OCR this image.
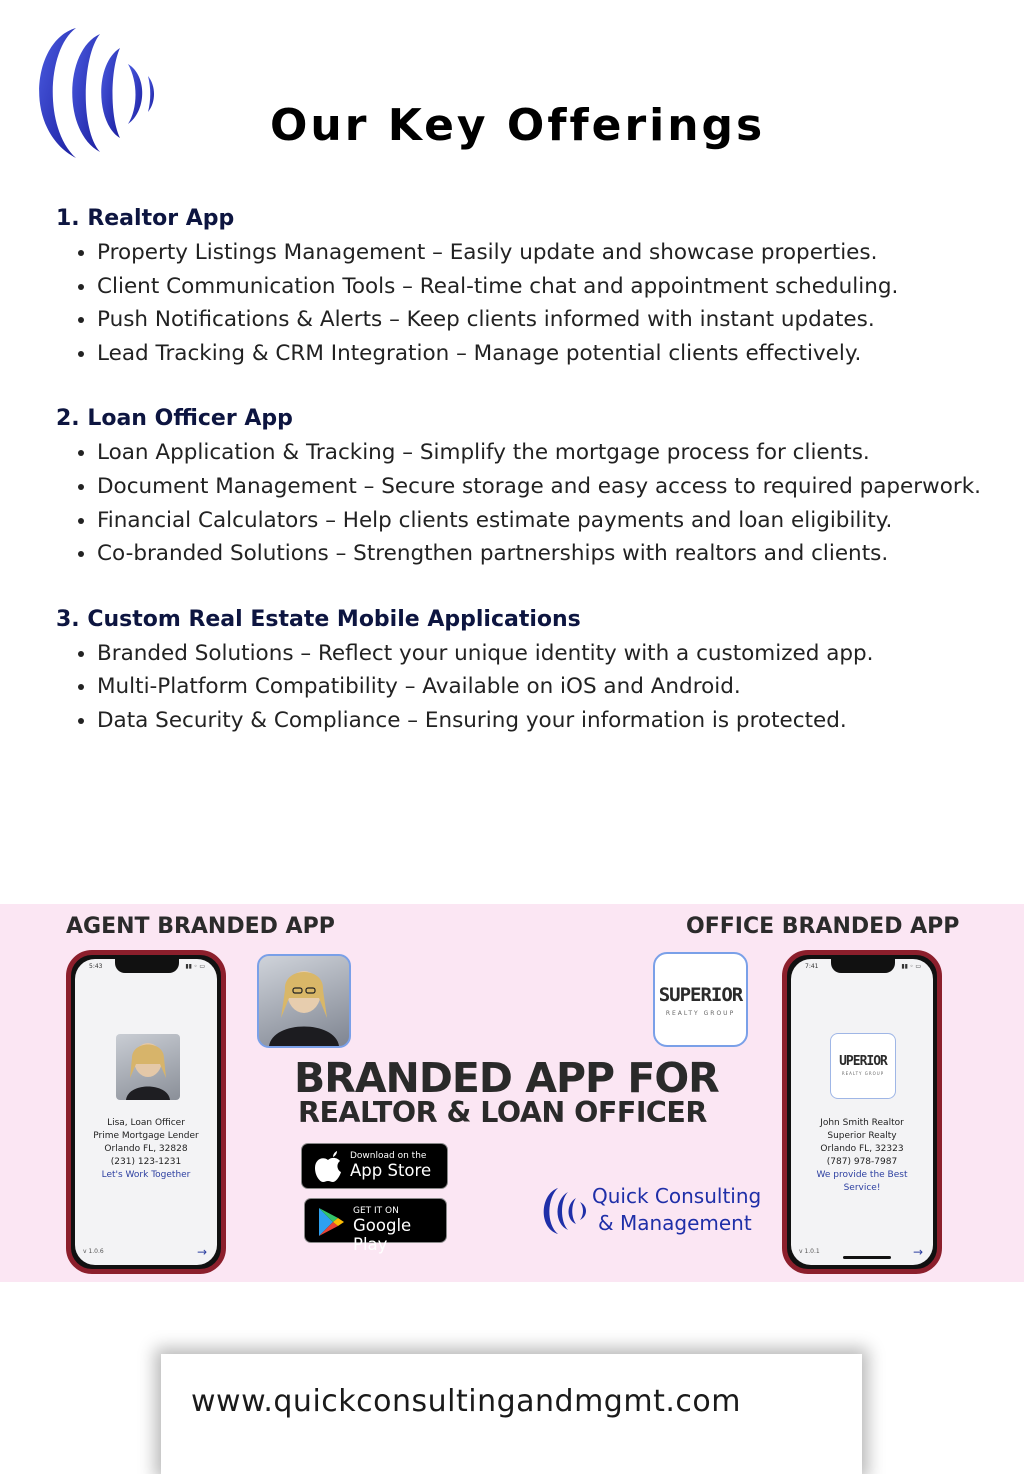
Our Key Offerings

1. Realtor App

• Property Listings Management – Easily update and showcase properties.
• Client Communication Tools – Real-time chat and appointment scheduling.
• Push Notifications & Alerts – Keep clients informed with instant updates.
• Lead Tracking & CRM Integration – Manage potential clients effectively.

2. Loan Officer App

• Loan Application & Tracking – Simplify the mortgage process for clients.
• Document Management – Secure storage and easy access to required paperwork.
• Financial Calculators – Help clients estimate payments and loan eligibility.
• Co-branded Solutions – Strengthen partnerships with realtors and clients.

3. Custom Real Estate Mobile Applications

• Branded Solutions – Reflect your unique identity with a customized app.
• Multi-Platform Compatibility – Available on iOS and Android.
• Data Security & Compliance – Ensuring your information is protected.
AGENT BRANDED APP	OFFICE BRANDED APP
5:43	▮▮ ◦ ▭
Lisa, Loan Officer
Prime Mortgage Lender
Orlando FL, 32828
(231) 123-1231
Let's Work Together
v 1.0.6	→
SUPERIOR
REALTY GROUP
BRANDED APP FOR
REALTOR & LOAN OFFICER
Download on the
App Store
GET IT ON
Google Play
Quick Consulting
& Management
7:41	▮▮ ◦ ▭
UPERIOR
REALTY GROUP
John Smith Realtor
Superior Realty
Orlando FL, 32323
(787) 978-7987
We provide the Best Service!
v 1.0.1	→

www.quickconsultingandmgmt.com
